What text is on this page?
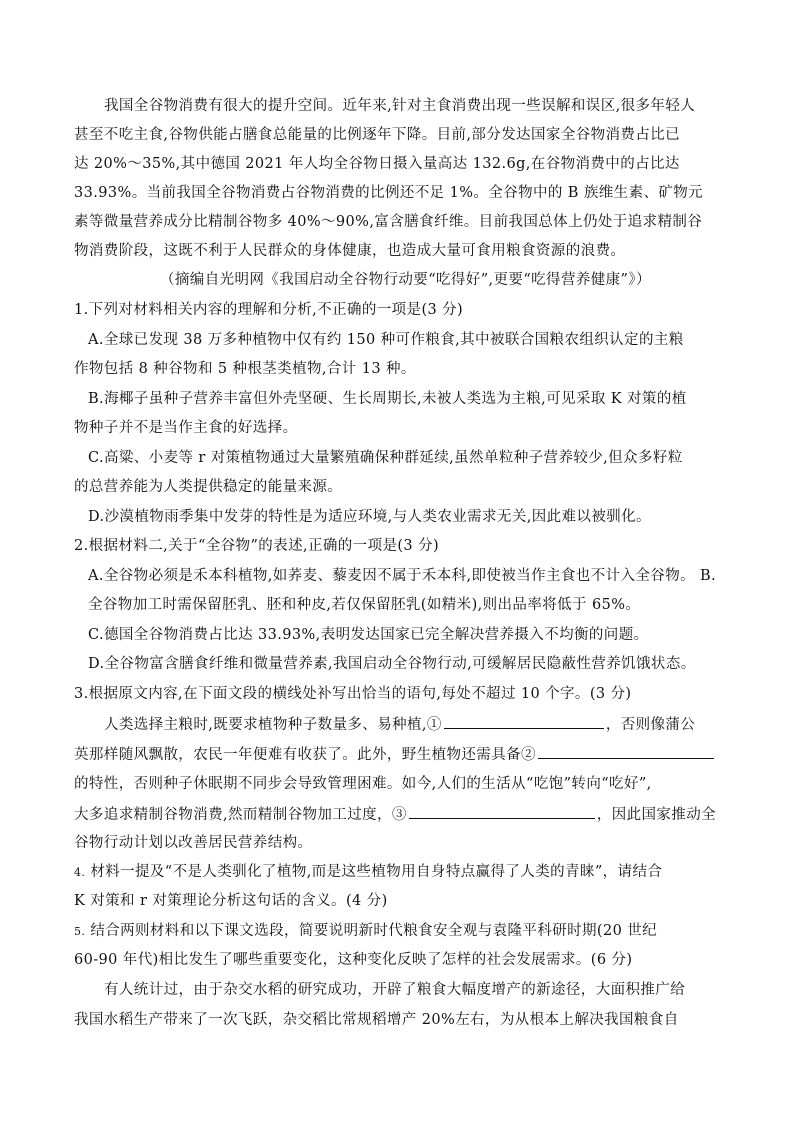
我国全谷物消费有很大的提升空间。近年来,针对主食消费出现一些误解和误区,很多年轻人
甚至不吃主食,谷物供能占膳食总能量的比例逐年下降。目前,部分发达国家全谷物消费占比已
达 20%～35%,其中德国 2021 年人均全谷物日摄入量高达 132.6g,在谷物消费中的占比达
33.93%。当前我国全谷物消费占谷物消费的比例还不足 1%。全谷物中的 B 族维生素、矿物元
素等微量营养成分比精制谷物多 40%～90%,富含膳食纤维。目前我国总体上仍处于追求精制谷
物消费阶段，这既不利于人民群众的身体健康，也造成大量可食用粮食资源的浪费。
（摘编自光明网《我国启动全谷物行动要“吃得好”,更要“吃得营养健康”》）
1.下列对材料相关内容的理解和分析,不正确的一项是(3 分)
A.全球已发现 38 万多种植物中仅有约 150 种可作粮食,其中被联合国粮农组织认定的主粮
作物包括 8 种谷物和 5 种根茎类植物,合计 13 种。
B.海椰子虽种子营养丰富但外壳坚硬、生长周期长,未被人类选为主粮,可见采取 K 对策的植
物种子并不是当作主食的好选择。
C.高粱、小麦等 r 对策植物通过大量繁殖确保种群延续,虽然单粒种子营养较少,但众多籽粒
的总营养能为人类提供稳定的能量来源。
D.沙漠植物雨季集中发芽的特性是为适应环境,与人类农业需求无关,因此难以被驯化。
2.根据材料二,关于“全谷物”的表述,正确的一项是(3 分)
A.全谷物必须是禾本科植物,如荞麦、藜麦因不属于禾本科,即使被当作主食也不计入全谷物。 B.
全谷物加工时需保留胚乳、胚和种皮,若仅保留胚乳(如精米),则出品率将低于 65%。
C.德国全谷物消费占比达 33.93%,表明发达国家已完全解决营养摄入不均衡的问题。
D.全谷物富含膳食纤维和微量营养素,我国启动全谷物行动,可缓解居民隐蔽性营养饥饿状态。
3.根据原文内容,在下面文段的横线处补写出恰当的语句,每处不超过 10 个字。(3 分)
人类选择主粮时,既要求植物种子数量多、易种植,①	，否则像蒲公
英那样随风飘散，农民一年便难有收获了。此外，野生植物还需具备②
的特性，否则种子休眠期不同步会导致管理困难。如今,人们的生活从“吃饱”转向“吃好”,
大多追求精制谷物消费,然而精制谷物加工过度，③	，因此国家推动全
谷物行动计划以改善居民营养结构。
4. 材料一提及“不是人类驯化了植物,而是这些植物用自身特点赢得了人类的青睐”，请结合
K 对策和 r 对策理论分析这句话的含义。(4 分)
5. 结合两则材料和以下课文选段，简要说明新时代粮食安全观与袁隆平科研时期(20 世纪
60-90 年代)相比发生了哪些重要变化，这种变化反映了怎样的社会发展需求。(6 分)
有人统计过，由于杂交水稻的研究成功，开辟了粮食大幅度增产的新途径，大面积推广给
我国水稻生产带来了一次飞跃，杂交稻比常规稻增产 20%左右，为从根本上解决我国粮食自
